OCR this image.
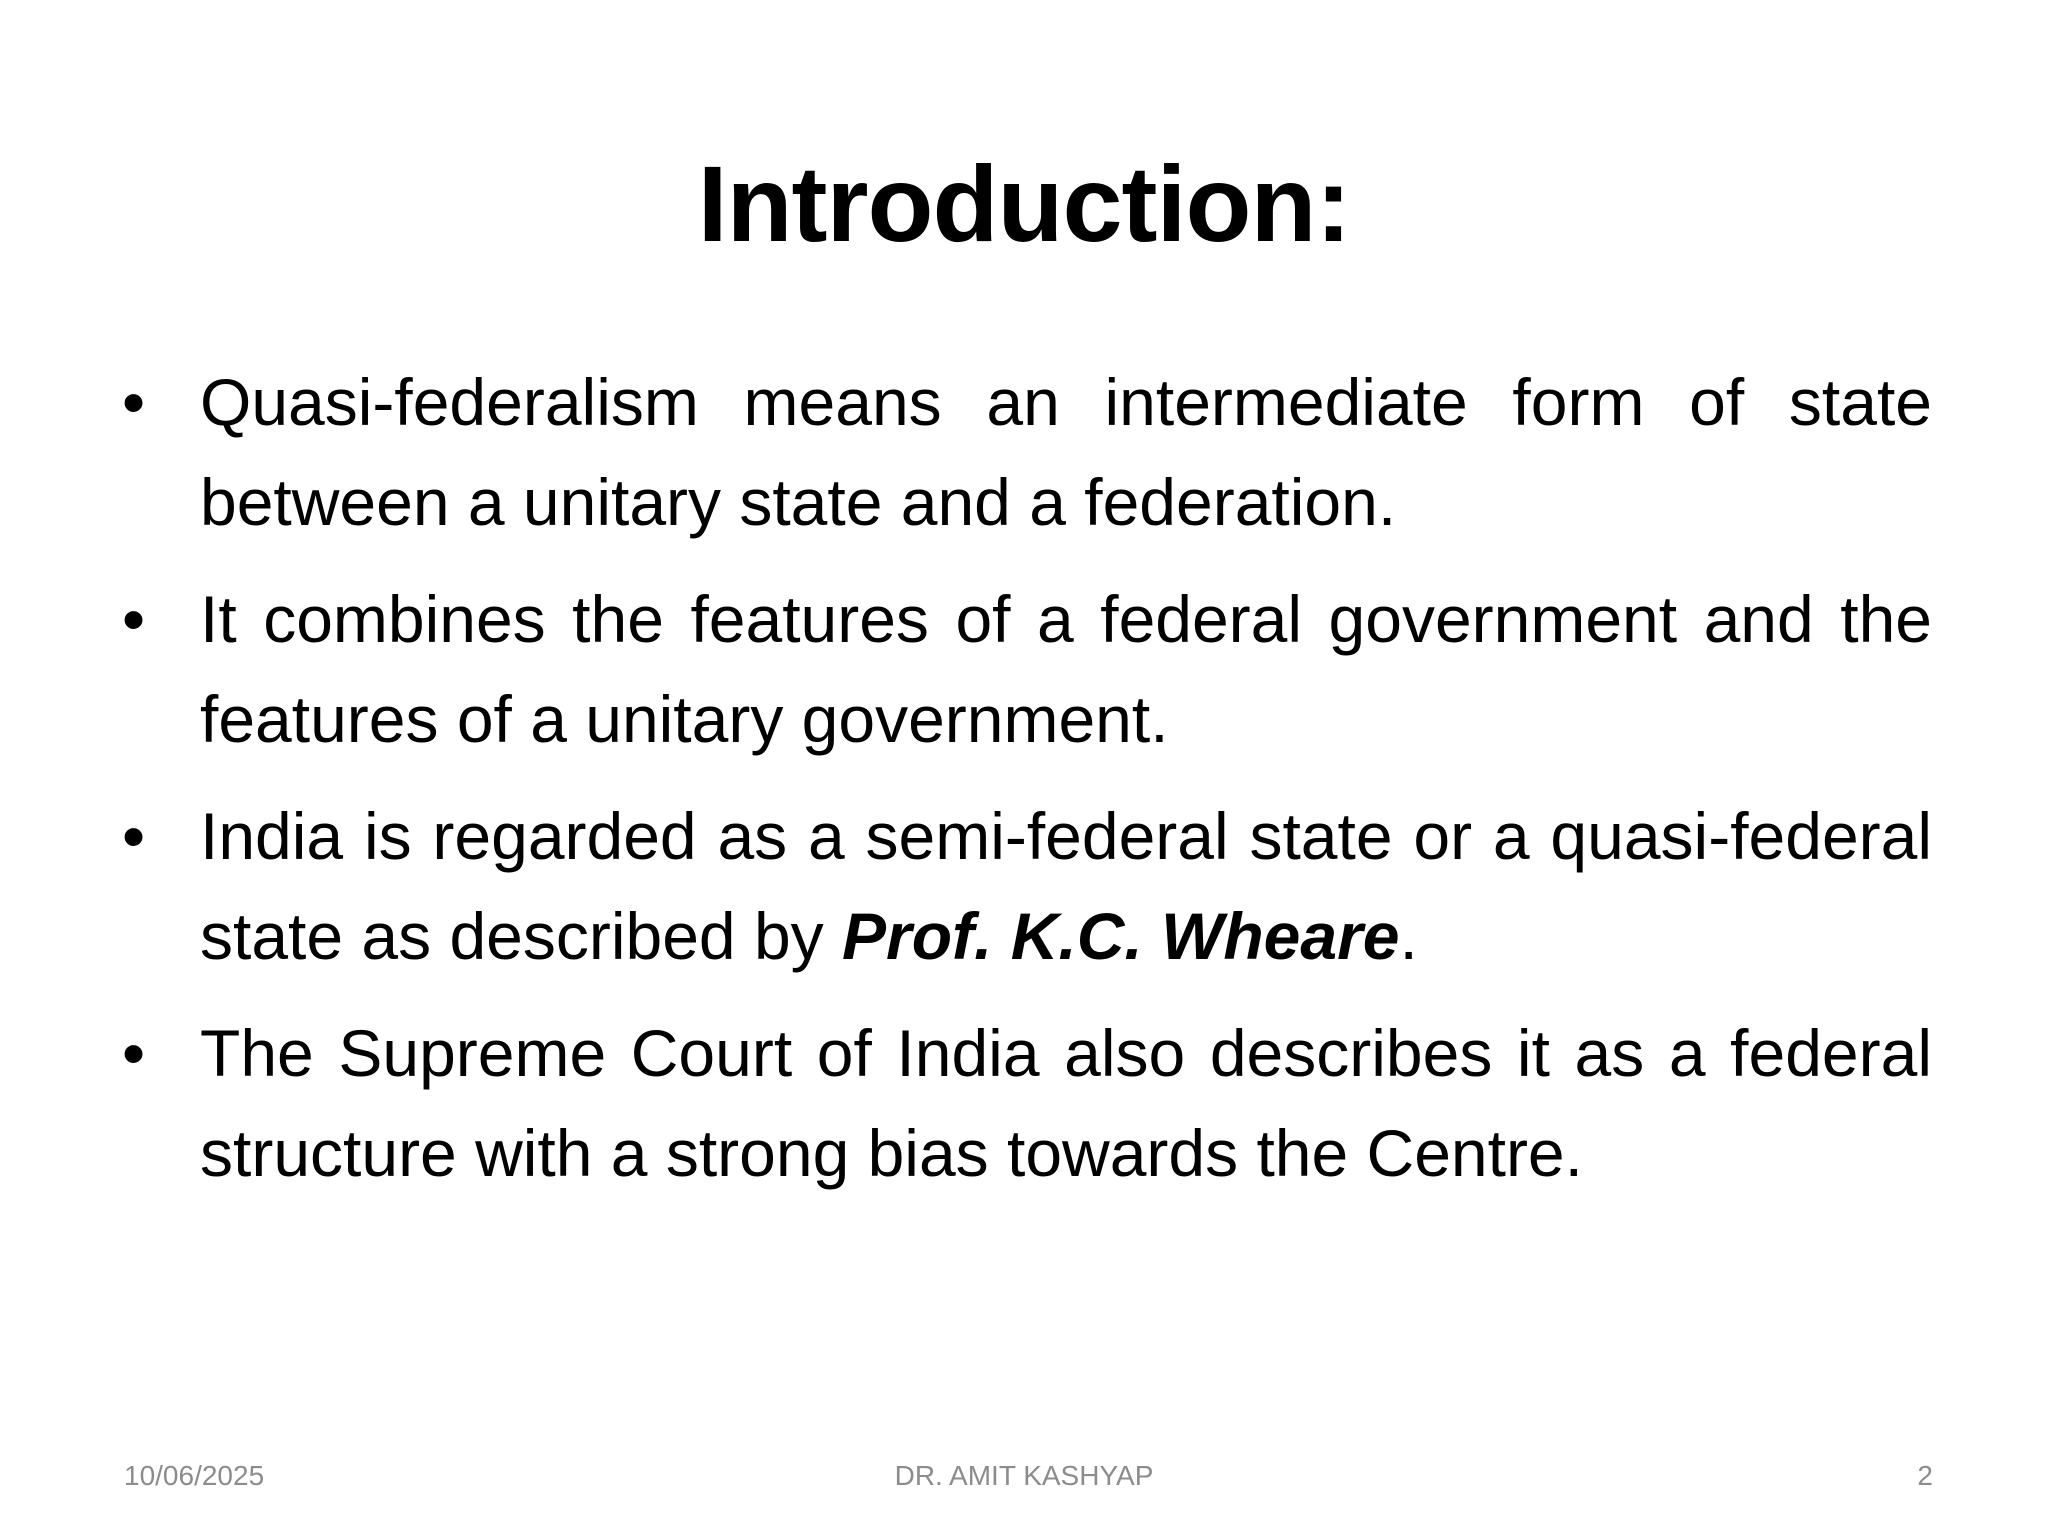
Introduction:
• Quasi-federalism means an intermediate form of state between a unitary state and a federation.
• It combines the features of a federal government and the features of a unitary government.
• India is regarded as a semi-federal state or a quasi-federal state as described by Prof. K.C. Wheare.
• The Supreme Court of India also describes it as a federal structure with a strong bias towards the Centre.
10/06/2025	DR. AMIT KASHYAP	2
